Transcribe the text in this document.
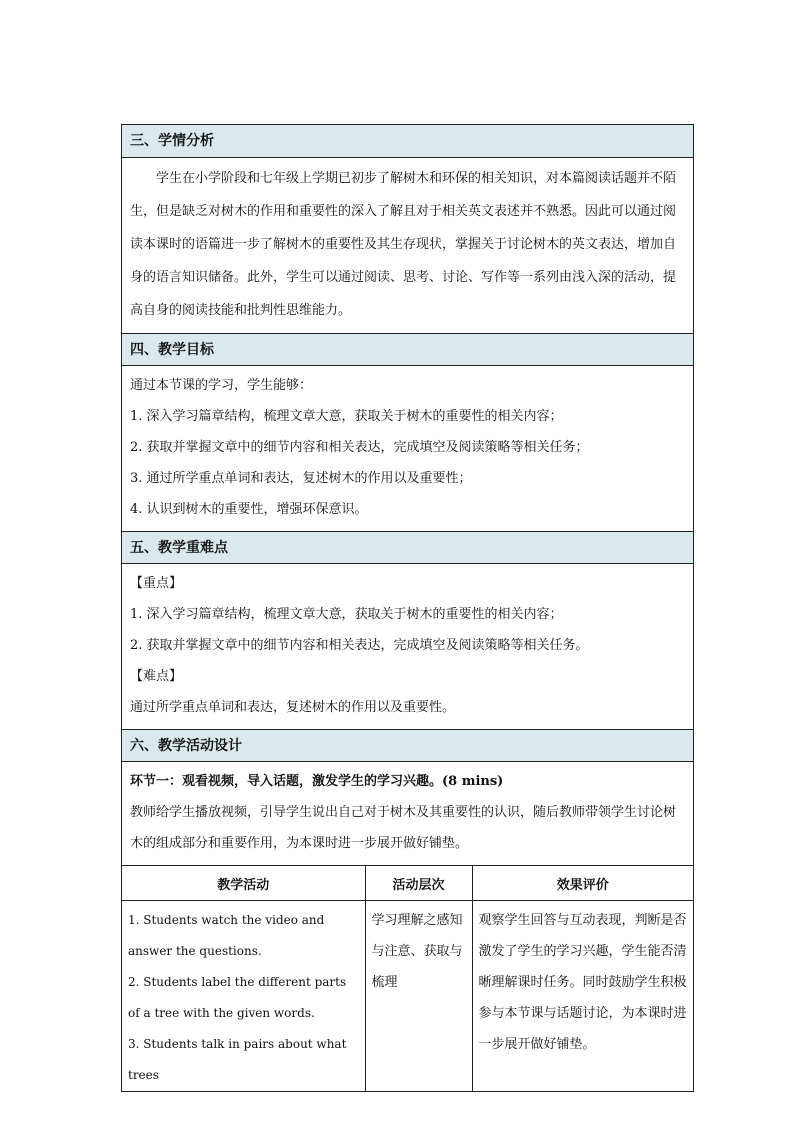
三、学情分析

学生在小学阶段和七年级上学期已初步了解树木和环保的相关知识，对本篇阅读话题并不陌生，但是缺乏对树木的作用和重要性的深入了解且对于相关英文表述并不熟悉。因此可以通过阅读本课时的语篇进一步了解树木的重要性及其生存现状，掌握关于讨论树木的英文表达，增加自身的语言知识储备。此外，学生可以通过阅读、思考、讨论、写作等一系列由浅入深的活动，提高自身的阅读技能和批判性思维能力。

四、教学目标

通过本节课的学习，学生能够：

1. 深入学习篇章结构，梳理文章大意，获取关于树木的重要性的相关内容；

2. 获取并掌握文章中的细节内容和相关表达，完成填空及阅读策略等相关任务；

3. 通过所学重点单词和表达，复述树木的作用以及重要性；

4. 认识到树木的重要性，增强环保意识。

五、教学重难点

【重点】

1. 深入学习篇章结构，梳理文章大意，获取关于树木的重要性的相关内容；

2. 获取并掌握文章中的细节内容和相关表达，完成填空及阅读策略等相关任务。

【难点】

通过所学重点单词和表达，复述树木的作用以及重要性。

六、教学活动设计

环节一：观看视频，导入话题，激发学生的学习兴趣。(8 mins)

教师给学生播放视频，引导学生说出自己对于树木及其重要性的认识，随后教师带领学生讨论树木的组成部分和重要作用，为本课时进一步展开做好铺垫。

教学活动	活动层次	效果评价
1. Students watch the video and answer the questions.
2. Students label the different parts of a tree with the given words.
3. Students talk in pairs about what trees	学习理解之感知与注意、获取与梳理	观察学生回答与互动表现，判断是否激发了学生的学习兴趣，学生能否清晰理解课时任务。同时鼓励学生积极参与本节课与话题讨论，为本课时进一步展开做好铺垫。
